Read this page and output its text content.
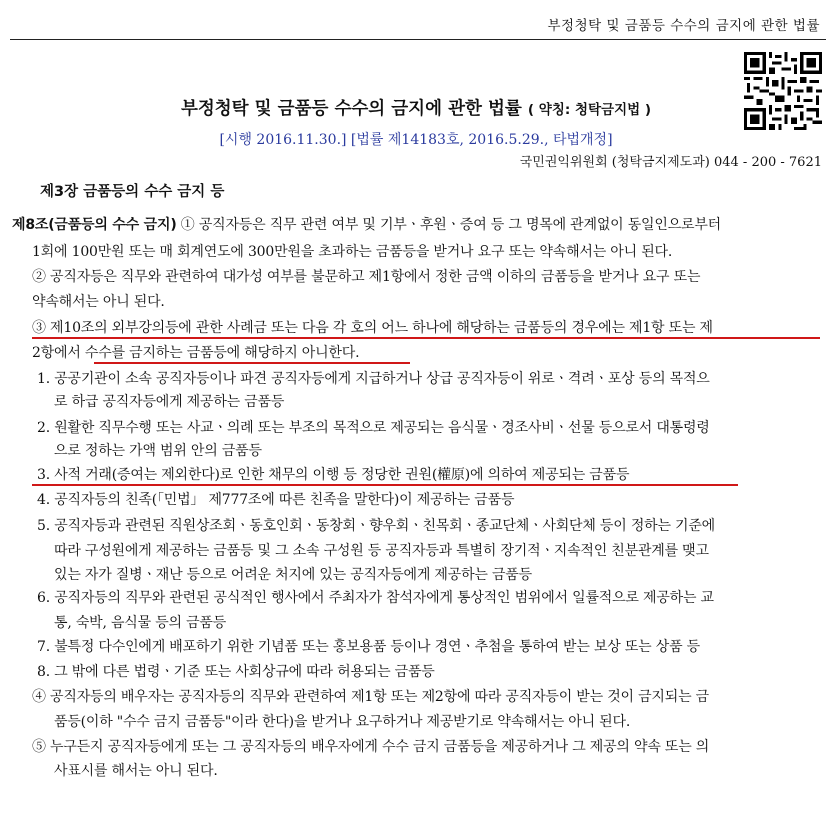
부정청탁 및 금품등 수수의 금지에 관한 법률
부정청탁 및 금품등 수수의 금지에 관한 법률 ( 약칭: 청탁금지법 )
[시행 2016.11.30.] [법률 제14183호, 2016.5.29., 타법개정]
국민권익위원회 (청탁금지제도과) 044 - 200 - 7621
제3장 금품등의 수수 금지 등
제8조(금품등의 수수 금지) ① 공직자등은 직무 관련 여부 및 기부ㆍ후원ㆍ증여 등 그 명목에 관계없이 동일인으로부터
1회에 100만원 또는 매 회계연도에 300만원을 초과하는 금품등을 받거나 요구 또는 약속해서는 아니 된다.
② 공직자등은 직무와 관련하여 대가성 여부를 불문하고 제1항에서 정한 금액 이하의 금품등을 받거나 요구 또는
약속해서는 아니 된다.
③ 제10조의 외부강의등에 관한 사례금 또는 다음 각 호의 어느 하나에 해당하는 금품등의 경우에는 제1항 또는 제
2항에서 수수를 금지하는 금품등에 해당하지 아니한다.
1. 공공기관이 소속 공직자등이나 파견 공직자등에게 지급하거나 상급 공직자등이 위로ㆍ격려ㆍ포상 등의 목적으
로 하급 공직자등에게 제공하는 금품등
2. 원활한 직무수행 또는 사교ㆍ의례 또는 부조의 목적으로 제공되는 음식물ㆍ경조사비ㆍ선물 등으로서 대통령령
으로 정하는 가액 범위 안의 금품등
3. 사적 거래(증여는 제외한다)로 인한 채무의 이행 등 정당한 권원(權原)에 의하여 제공되는 금품등
4. 공직자등의 친족(「민법」 제777조에 따른 친족을 말한다)이 제공하는 금품등
5. 공직자등과 관련된 직원상조회ㆍ동호인회ㆍ동창회ㆍ향우회ㆍ친목회ㆍ종교단체ㆍ사회단체 등이 정하는 기준에
따라 구성원에게 제공하는 금품등 및 그 소속 구성원 등 공직자등과 특별히 장기적ㆍ지속적인 친분관계를 맺고
있는 자가 질병ㆍ재난 등으로 어려운 처지에 있는 공직자등에게 제공하는 금품등
6. 공직자등의 직무와 관련된 공식적인 행사에서 주최자가 참석자에게 통상적인 범위에서 일률적으로 제공하는 교
통, 숙박, 음식물 등의 금품등
7. 불특정 다수인에게 배포하기 위한 기념품 또는 홍보용품 등이나 경연ㆍ추첨을 통하여 받는 보상 또는 상품 등
8. 그 밖에 다른 법령ㆍ기준 또는 사회상규에 따라 허용되는 금품등
④ 공직자등의 배우자는 공직자등의 직무와 관련하여 제1항 또는 제2항에 따라 공직자등이 받는 것이 금지되는 금
품등(이하 "수수 금지 금품등"이라 한다)을 받거나 요구하거나 제공받기로 약속해서는 아니 된다.
⑤ 누구든지 공직자등에게 또는 그 공직자등의 배우자에게 수수 금지 금품등을 제공하거나 그 제공의 약속 또는 의
사표시를 해서는 아니 된다.
